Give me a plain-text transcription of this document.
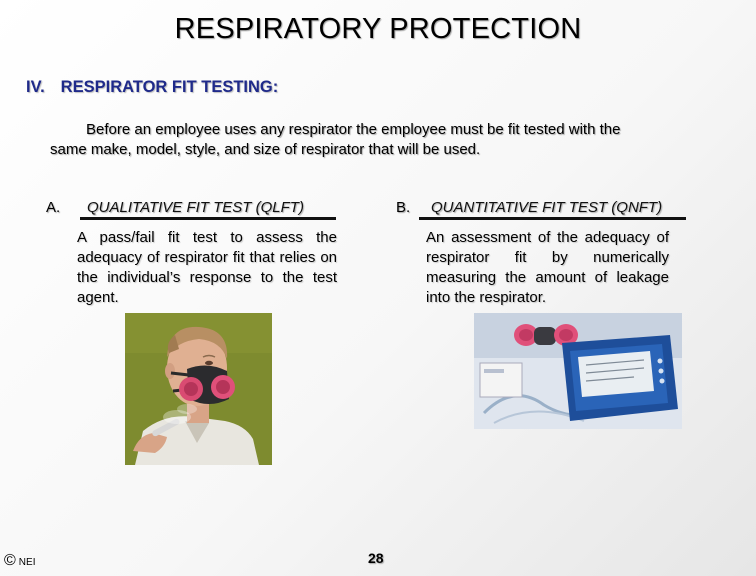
RESPIRATORY PROTECTION
IV. RESPIRATOR FIT TESTING:
Before an employee uses any respirator the employee must be fit tested with the
same make, model, style, and size of respirator that will be used.
A.	QUALITATIVE FIT TEST (QLFT)
A pass/fail fit test to assess the adequacy of respirator fit that relies on the individual’s response to the test agent.
B.	QUANTITATIVE FIT TEST (QNFT)
An assessment of the adequacy of respirator fit by numerically measuring the amount of leakage into the respirator.
© NEI	28
